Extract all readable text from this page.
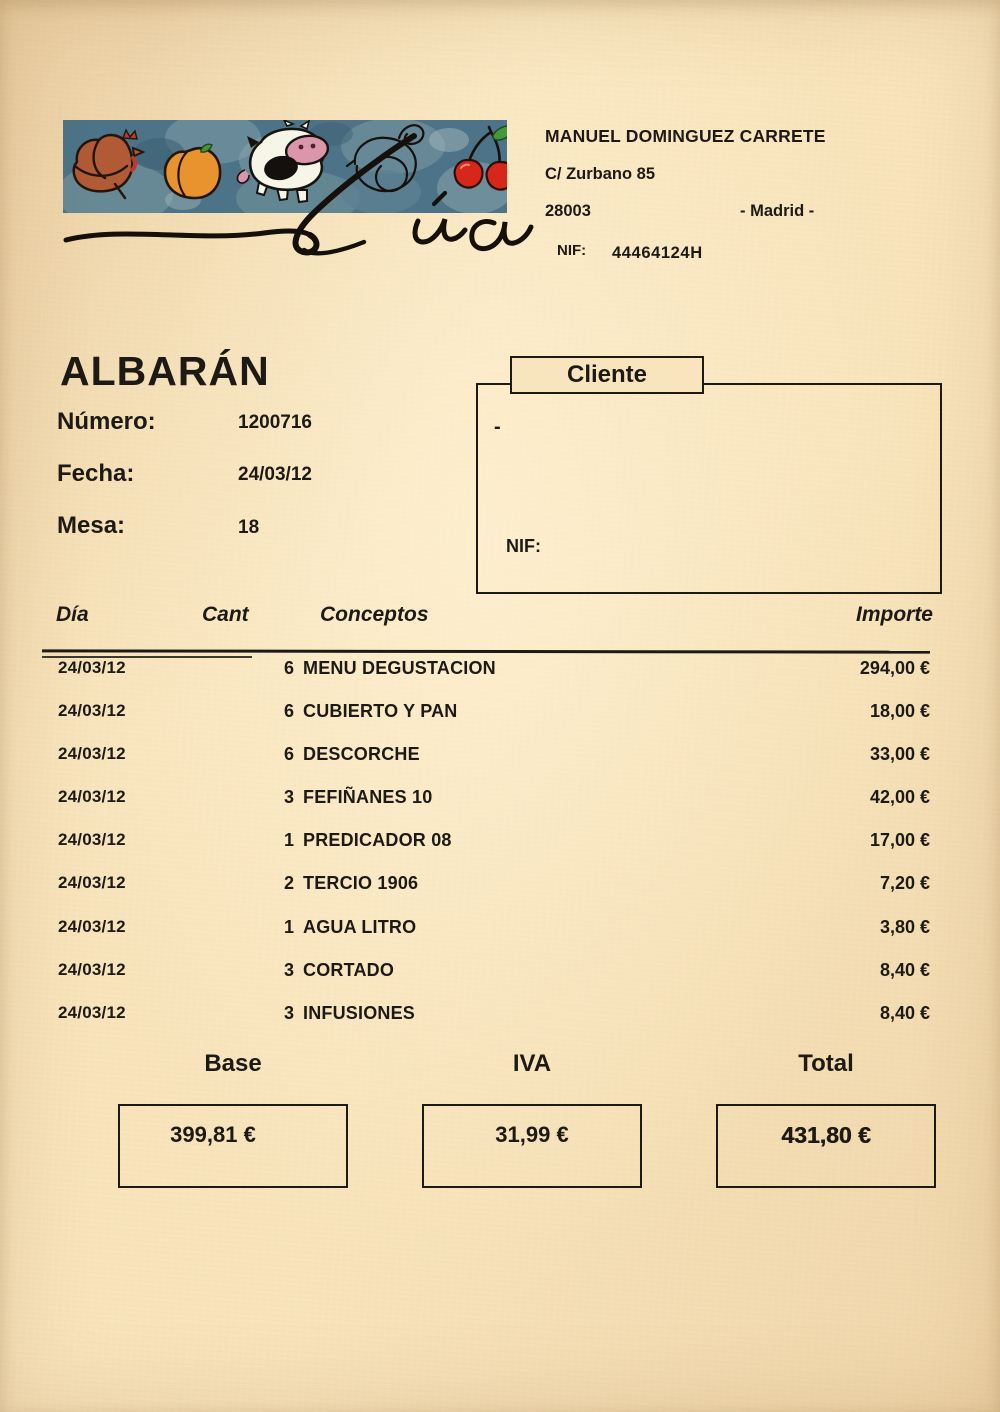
MANUEL DOMINGUEZ CARRETE
C/ Zurbano 85
28003	- Madrid -
NIF: 44464124H
ALBARÁN
Número:	1200716
Fecha:	24/03/12
Mesa:	18
Cliente
-
NIF:
Día	Cant	Conceptos	Importe
24/03/12	6 MENU DEGUSTACION	294,00 €
24/03/12	6 CUBIERTO Y PAN	18,00 €
24/03/12	6 DESCORCHE	33,00 €
24/03/12	3 FEFIÑANES 10	42,00 €
24/03/12	1 PREDICADOR 08	17,00 €
24/03/12	2 TERCIO 1906	7,20 €
24/03/12	1 AGUA LITRO	3,80 €
24/03/12	3 CORTADO	8,40 €
24/03/12	3 INFUSIONES	8,40 €
Base	IVA	Total
399,81 €	31,99 €	431,80 €
